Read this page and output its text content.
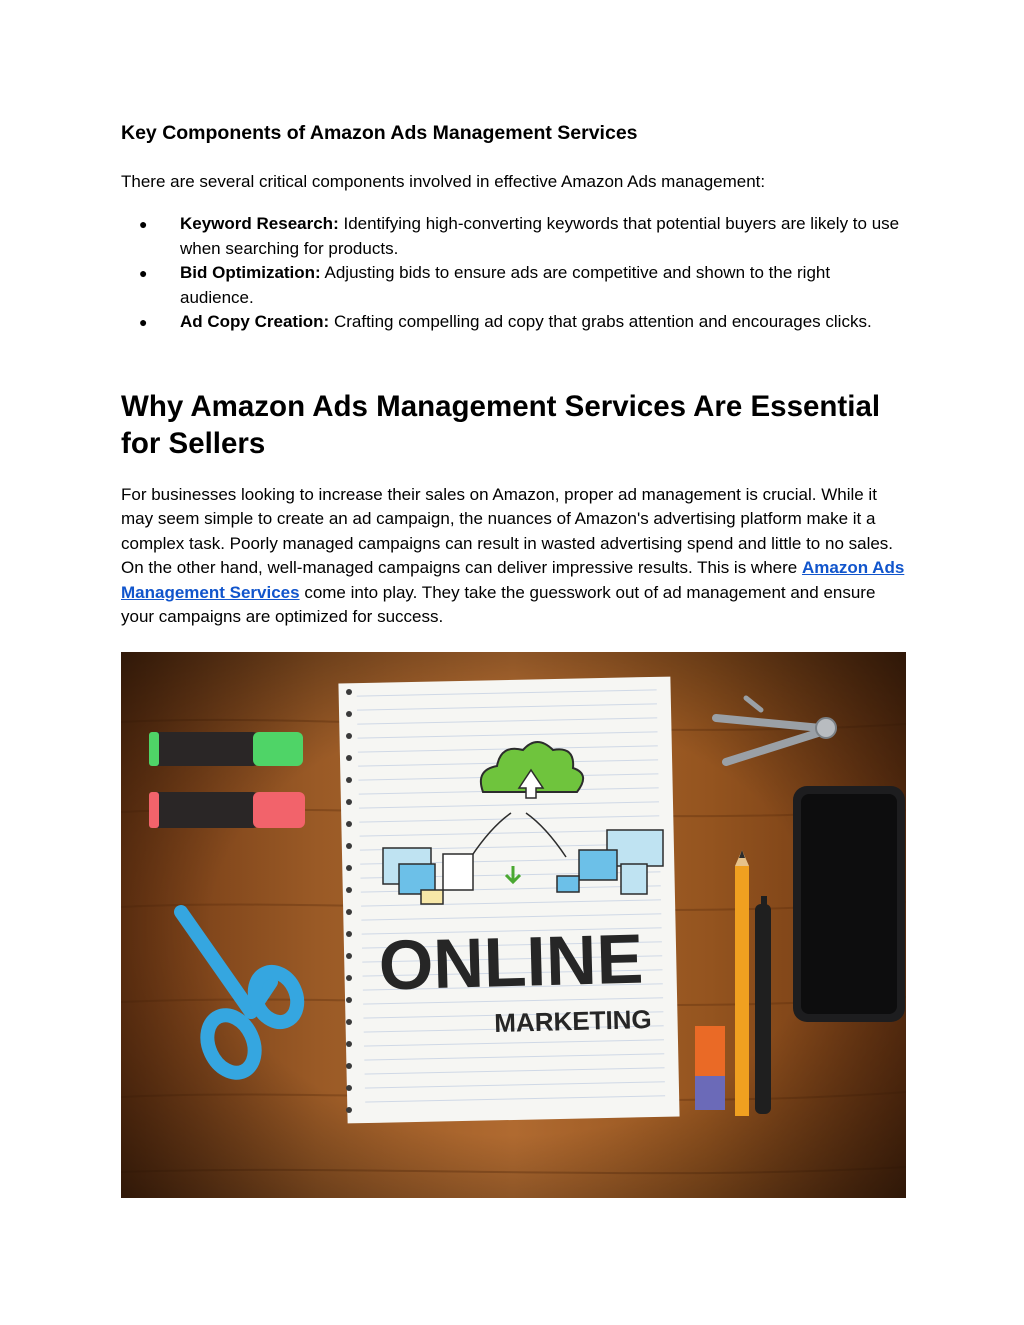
Key Components of Amazon Ads Management Services

There are several critical components involved in effective Amazon Ads management:

● Keyword Research: Identifying high-converting keywords that potential buyers are likely to use when searching for products.
● Bid Optimization: Adjusting bids to ensure ads are competitive and shown to the right audience.
● Ad Copy Creation: Crafting compelling ad copy that grabs attention and encourages clicks.
Why Amazon Ads Management Services Are Essential for Sellers

For businesses looking to increase their sales on Amazon, proper ad management is crucial. While it may seem simple to create an ad campaign, the nuances of Amazon's advertising platform make it a complex task. Poorly managed campaigns can result in wasted advertising spend and little to no sales. On the other hand, well-managed campaigns can deliver impressive results. This is where Amazon Ads Management Services come into play. They take the guesswork out of ad management and ensure your campaigns are optimized for success.

ONLINE
MARKETING
